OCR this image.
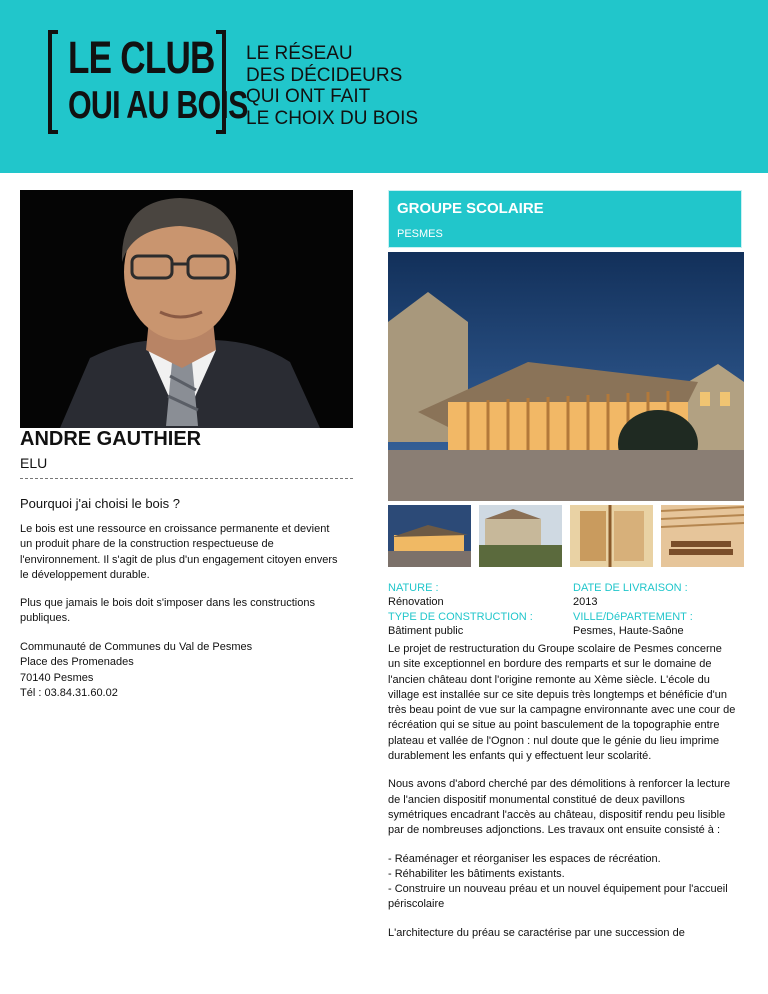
LE CLUB
OUI AU BOIS
LE RÉSEAU
DES DÉCIDEURS
QUI ONT FAIT
LE CHOIX DU BOIS
ANDRE GAUTHIER
ELU
Pourquoi j'ai choisi le bois ?

Le bois est une ressource en croissance permanente et devient un produit phare de la construction respectueuse de l'environnement. Il s'agit de plus d'un engagement citoyen envers le développement durable.

Plus que jamais le bois doit s'imposer dans les constructions publiques.

Communauté de Communes du Val de Pesmes
Place des Promenades
70140 Pesmes
Tél : 03.84.31.60.02
GROUPE SCOLAIRE
PESMES
NATURE :
Rénovation
TYPE DE CONSTRUCTION :
Bâtiment public
DATE DE LIVRAISON :
2013
VILLE/DéPARTEMENT :
Pesmes, Haute-Saône

Le projet de restructuration du Groupe scolaire de Pesmes concerne un site exceptionnel en bordure des remparts et sur le domaine de l'ancien château dont l'origine remonte au Xème siècle. L'école du village est installée sur ce site depuis très longtemps et bénéficie d'un très beau point de vue sur la campagne environnante avec une cour de récréation qui se situe au point basculement de la topographie entre plateau et vallée de l'Ognon : nul doute que le génie du lieu imprime durablement les enfants qui y effectuent leur scolarité.

Nous avons d'abord cherché par des démolitions à renforcer la lecture de l'ancien dispositif monumental constitué de deux pavillons symétriques encadrant l'accès au château, dispositif rendu peu lisible par de nombreuses adjonctions. Les travaux ont ensuite consisté à :

- Réaménager et réorganiser les espaces de récréation.
- Réhabiliter les bâtiments existants.
- Construire un nouveau préau et un nouvel équipement pour l'accueil périscolaire

L'architecture du préau se caractérise par une succession de
